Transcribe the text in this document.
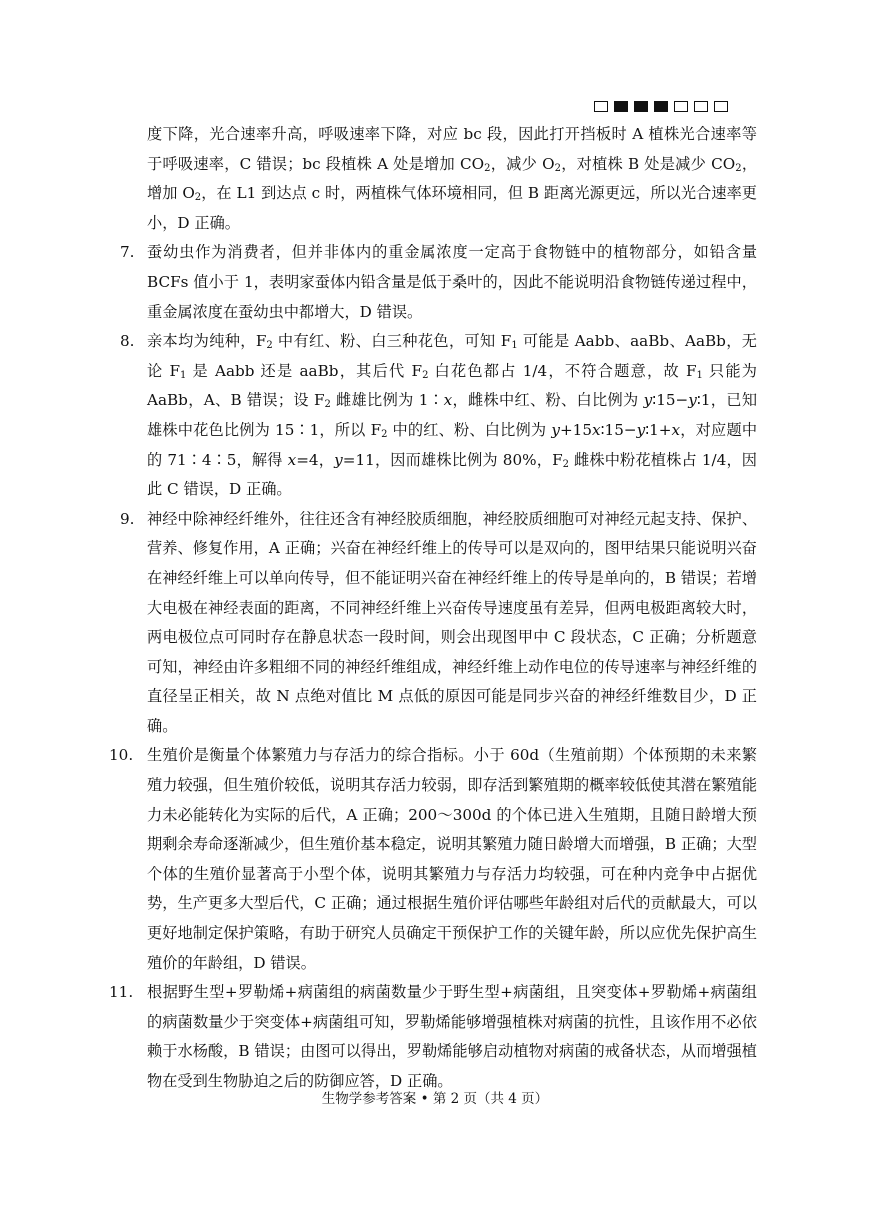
度下降，光合速率升高，呼吸速率下降，对应 bc 段，因此打开挡板时 A 植株光合速率等于呼吸速率，C 错误；bc 段植株 A 处是增加 $CO_2$，减少 $O_2$，对植株 B 处是减少 $CO_2$，增加 $O_2$，在 L1 到达点 c 时，两植株气体环境相同，但 B 距离光源更远，所以光合速率更小，D 正确。

7. 蚕幼虫作为消费者，但并非体内的重金属浓度一定高于食物链中的植物部分，如铅含量 BCFs 值小于 1，表明家蚕体内铅含量是低于桑叶的，因此不能说明沿食物链传递过程中，重金属浓度在蚕幼虫中都增大，D 错误。

8. 亲本均为纯种，$F_2$ 中有红、粉、白三种花色，可知 $F_1$ 可能是 Aabb、aaBb、AaBb，无论 $F_1$ 是 Aabb 还是 aaBb，其后代 $F_2$ 白花色都占 1/4，不符合题意，故 $F_1$ 只能为 AaBb，A、B 错误；设 $F_2$ 雌雄比例为 1∶x，雌株中红、粉、白比例为 y∶15−y∶1，已知雄株中花色比例为 15∶1，所以 $F_2$ 中的红、粉、白比例为 y+15x∶15−y∶1+x，对应题中的 71∶4∶5，解得 x=4，y=11，因而雄株比例为 80%，$F_2$ 雌株中粉花植株占 1/4，因此 C 错误，D 正确。

9. 神经中除神经纤维外，往往还含有神经胶质细胞，神经胶质细胞可对神经元起支持、保护、营养、修复作用，A 正确；兴奋在神经纤维上的传导可以是双向的，图甲结果只能说明兴奋在神经纤维上可以单向传导，但不能证明兴奋在神经纤维上的传导是单向的，B 错误；若增大电极在神经表面的距离，不同神经纤维上兴奋传导速度虽有差异，但两电极距离较大时，两电极位点可同时存在静息状态一段时间，则会出现图甲中 C 段状态，C 正确；分析题意可知，神经由许多粗细不同的神经纤维组成，神经纤维上动作电位的传导速率与神经纤维的直径呈正相关，故 N 点绝对值比 M 点低的原因可能是同步兴奋的神经纤维数目少，D 正确。

10. 生殖价是衡量个体繁殖力与存活力的综合指标。小于 60d（生殖前期）个体预期的未来繁殖力较强，但生殖价较低，说明其存活力较弱，即存活到繁殖期的概率较低使其潜在繁殖能力未必能转化为实际的后代，A 正确；200～300d 的个体已进入生殖期，且随日龄增大预期剩余寿命逐渐减少，但生殖价基本稳定，说明其繁殖力随日龄增大而增强，B 正确；大型个体的生殖价显著高于小型个体，说明其繁殖力与存活力均较强，可在种内竞争中占据优势，生产更多大型后代，C 正确；通过根据生殖价评估哪些年龄组对后代的贡献最大，可以更好地制定保护策略，有助于研究人员确定干预保护工作的关键年龄，所以应优先保护高生殖价的年龄组，D 错误。

11. 根据野生型+罗勒烯+病菌组的病菌数量少于野生型+病菌组，且突变体+罗勒烯+病菌组的病菌数量少于突变体+病菌组可知，罗勒烯能够增强植株对病菌的抗性，且该作用不必依赖于水杨酸，B 错误；由图可以得出，罗勒烯能够启动植物对病菌的戒备状态，从而增强植物在受到生物胁迫之后的防御应答，D 正确。

生物学参考答案 • 第 2 页（共 4 页）
